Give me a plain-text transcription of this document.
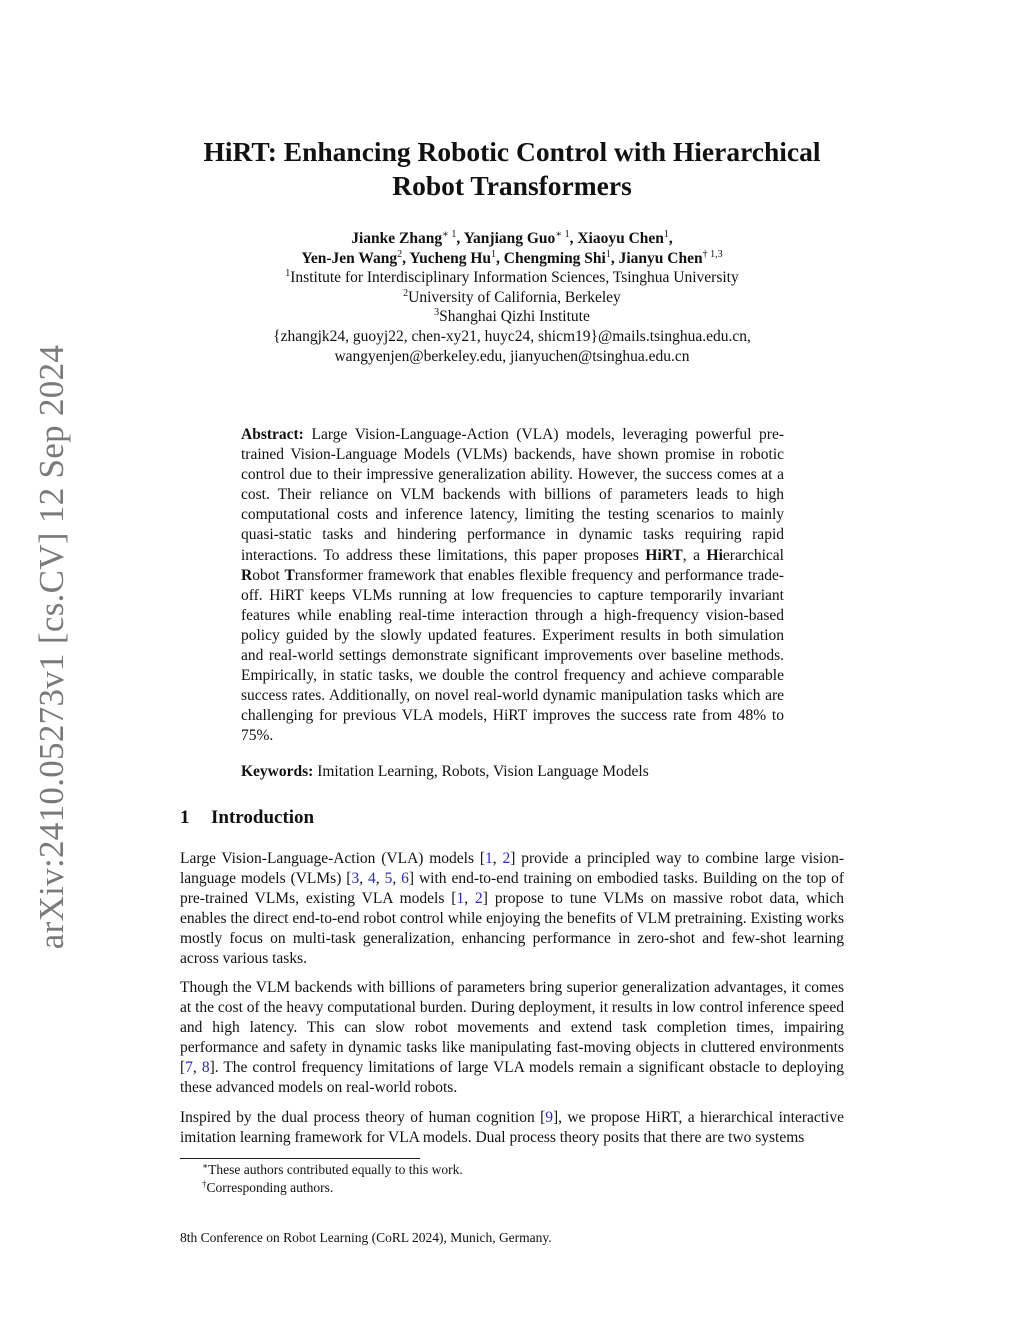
arXiv:2410.05273v1 [cs.CV] 12 Sep 2024
HiRT: Enhancing Robotic Control with Hierarchical
Robot Transformers
Jianke Zhang$^{∗ 1}$, Yanjiang Guo$^{∗ 1}$, Xiaoyu Chen$^1$,
Yen-Jen Wang$^2$, Yucheng Hu$^1$, Chengming Shi$^1$, Jianyu Chen$^{\dagger 1,3}$
$^1$Institute for Interdisciplinary Information Sciences, Tsinghua University
$^2$University of California, Berkeley
$^3$Shanghai Qizhi Institute
{zhangjk24, guoyj22, chen-xy21, huyc24, shicm19}@mails.tsinghua.edu.cn,
wangyenjen@berkeley.edu, jianyuchen@tsinghua.edu.cn

Abstract: Large Vision-Language-Action (VLA) models, leveraging powerful pre-trained Vision-Language Models (VLMs) backends, have shown promise in robotic control due to their impressive generalization ability. However, the success comes at a cost. Their reliance on VLM backends with billions of parameters leads to high computational costs and inference latency, limiting the testing scenarios to mainly quasi-static tasks and hindering performance in dynamic tasks requiring rapid interactions. To address these limitations, this paper proposes HiRT, a Hierarchical Robot Transformer framework that enables flexible frequency and performance trade-off. HiRT keeps VLMs running at low frequencies to capture temporarily invariant features while enabling real-time interaction through a high-frequency vision-based policy guided by the slowly updated features. Experiment results in both simulation and real-world settings demonstrate significant improvements over baseline methods. Empirically, in static tasks, we double the control frequency and achieve comparable success rates. Additionally, on novel real-world dynamic manipulation tasks which are challenging for previous VLA models, HiRT improves the success rate from 48% to 75%.

Keywords: Imitation Learning, Robots, Vision Language Models

1 Introduction

Large Vision-Language-Action (VLA) models [1, 2] provide a principled way to combine large vision-language models (VLMs) [3, 4, 5, 6] with end-to-end training on embodied tasks. Building on the top of pre-trained VLMs, existing VLA models [1, 2] propose to tune VLMs on massive robot data, which enables the direct end-to-end robot control while enjoying the benefits of VLM pretraining. Existing works mostly focus on multi-task generalization, enhancing performance in zero-shot and few-shot learning across various tasks.

Though the VLM backends with billions of parameters bring superior generalization advantages, it comes at the cost of the heavy computational burden. During deployment, it results in low control inference speed and high latency. This can slow robot movements and extend task completion times, impairing performance and safety in dynamic tasks like manipulating fast-moving objects in cluttered environments [7, 8]. The control frequency limitations of large VLA models remain a significant obstacle to deploying these advanced models on real-world robots.

Inspired by the dual process theory of human cognition [9], we propose HiRT, a hierarchical interactive imitation learning framework for VLA models. Dual process theory posits that there are two systems

∗These authors contributed equally to this work.

†Corresponding authors.

8th Conference on Robot Learning (CoRL 2024), Munich, Germany.
